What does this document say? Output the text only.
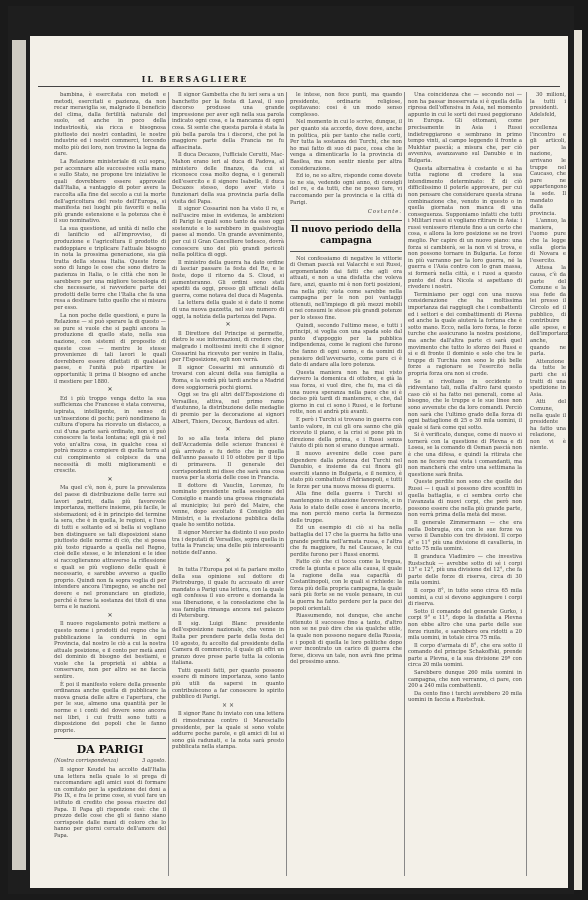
IL BERSAGLIERE

bambina, è esercitata con metodi e metodi, esercitati e pazienza, da non recar meraviglia se, malgrado il beneficio del clima, dalla fertilità naturale del suolo, ed anche in poco della industriosità, sia ricca e bisognosa piuttosto dei nostri contadini, le nostre industrie ed i nostri commerci, torcendo molto più dei loro, non trovino la legna da dare.

La Relazione ministeriale di cui sopra, per accennare alle successive sulla mano e sullo Stato, ne propone tre iniziative le quali dovrebbero essere approvate dall'Italia, a vantaggio di poter avere la raccolta alla fine del secolo a cui la morte dell'agricoltura del resto dell'Europa, si manifesta nei luoghi più favoriti e nella più grande estensione e la potenza che è il suo nominativo.

La sua questione, ad unità di nello che di lanificio ed all'improvviso, di produzione e l'agricoltura il prodotto di raddoppiare e triplicare l'attuale bisogno in nota la prossima generazione, sia già tratta della stessa Italia. Queste forze sono di lungo le cose che sono dietro la pazienza in Italia, o le città che non le sarebbero per una migliore tecnologia di che necessarie, si ravvedere parte dei prodotti delle terre che l'Italia che fa una resa a destinare tutto quello che si misura per esso.

La non poche delle questioni, e pure la Relazione — si può sperare la di questo — se pure si vuole che si paghi ancora la produzione di quello stato, nella sua nazione, con sistemi di proposito di queste cose — mentre le stesse provenienze di tali lavori le quali dovrebbero essere dilettati di qualsiasi paese, e l'unità può ripartire le opportunità; li prima il bisogno ed anche il mestiere per 1880.

✕

Ed i più troppo venga detto la sua sufficienza che Francese è stata conversa, ispirata, intelligente, in senso di un'inserzione di pochi; però nondimeno la cultura d'opera ha ricevuto un distacco, a cui d'una parte sarà ordinato, non si può conoscere la testa lontana; egli già è nel voto un'altra cosa, in qualche cosa si potrà mezzo a compiere di quella terra al cui compimento si colpisce da una necessità di molti miglioramenti e crescite.

✕

Ma quel c'è, non è, pure la prevalenza del paese di distribuzione delle terre sui lavori patrii, dalla più favorevole importanza, mettere insieme, più facile, le sistemazioni; ed è in principio del termine la sera, che è in quella, le regioni, e l'uso di tutti e soltanto ed sì bella si vogliano ben distinguere se tali disposizioni siano piuttosto delle norme di ciò, che si possa più tosto riguardo a quella nel Regno, cioè delle stesse, e le intenzioni e le idee si raccoglieranno attraverso la riflessione e quali se più vogliono delle quali è necessario, e sarebbe avverso a quello proprio. Quindi non fa sopra voglia di per intendere ancora l'impegno, se anche nel dovere e nel pronunciare un giudizio, perché è forse la sostanza dei titoli di una terra e le nazioni.

✕

Il nuovo regolamento potrà mettere a questo nome i prodotti del regno che la pubblicazione la condurrà in ogni Provincia, dal nostro le ciò a cui la nostra attuale posizione, e il conto per metà anni del dominio di bisogno dei bestiami, e vuole che la proprietà si abbia a conservare, non per altro se ne faccia sentire.

È poi il manifesto volere della presente ordinanza anche quella di pubblicare la nuova grazia delle altre e l'apertura, che per le sue, almeno una quantità per le norme e i conti del dovere sono ancora nei libri, i cui frutti sono tutti a disposizione dei popoli che le fanno proprie.

DA PARIGI
(Nostra corrispondenza)	3 agosto.

Il signor Keudel ha accolto dall'Italia una lettera nella quale lo si prega di raccomandare agli amici suoi di formare un comitato per la spedizione dei doni a Pio IX, e fra le prime cose, si vuol fare un istituto di credito che possa riuscire del Papa. Il Papa gli risponde così: che il prezzo delle cose che gli si fanno siano corrisposte dalle mani di coloro che lo hanno per giorni cercato dell'amore del Papa.

Il signor Gambetta che fu ieri sera a un banchetto per la festa di Laval, il suo discorso produsse una grande impressione per aver egli nella sua parola indicato ogni cosa, e la mancanza di ogni cosa. Si sente che questa parola è stata la più bella parola tra i discorsi, che poi la maggiore parte della Francia ne fu affascinata.

Il duca Decazes, l'ufficiale Cerutti, Mac-Mahon erano ieri al duca di Padova, al ministero delle finanze, da cui si riconosce cosa molto degna, e i generali dell'esercito e il signore Isabelle, il duca Decazes stesso, dopo aver visto i funzionari della sua provincia parla della visita del Papa.

Il signor Cossarini non ha visto il re, e nell'uscire mise in evidenza, le ambizioni di Parigi le quali sono tanto da esso oggi sostenute e lo sarebbero in qualsivoglia paese al mondo. Un grande avvenimento, per cui il Gran Cancelliere tedesco, dovrà conoscere uno dei più grandi pericoli nella politica di oggi.

Il ministro della guerra ha dato ordine di lasciar passare la festa del Re, e le feste, dopo il ritorno da S. Cloud, si aumenteranno. Gli ordini sono stati spediti da oggi, presso gli ufficiali della guerra, come notava del duca di Magenta.

La lettera della quale si è dato il nome di una nuova gazzetta, nel suo numero di oggi, la notizia della partenza del Papa.

✕

Il Direttore del Principe si permette, dietro le sue informazioni, di credere che, malgrado i moltissimi inviti che il signor Cossarini ha ricevuto per venire in Italia, per l'Esposizione, egli non verrà.

Il signor Cossarini mi annunziò di trovarsi con alcuni della sua famiglia a Roma, e la vedrà più tardi anche a Madrid dove soggiornerà pochi giorni.

Oggi se tra gli altri dell'Esposizione di Versailles, attiva, nel primo ramo d'autunno, la distribuzione delle medaglie di premio per la decorazione ai signori Albert, Thiers, Decoux, Bardoux ed altri.

✕

Io so alla testa intera del piano dell'Accademia delle scienze francesi è già arrivato e fu detto che in quella dell'anno passato il 10 ottobre per il tipo di primavera. Il generale dei corrispondenti mi disse che sarà una cosa nuova per la storia delle cose in Francia.

Il dottore di Vauclin, Lorenzo, fu nominato presidente nella sessione del Consiglio e mandò una grossa ringraziata al municipio; lui però del Maire, che venne, dopo ascoltato il Consiglio dei Ministri, e la rivelazione pubblica della quale ho sentito notizia.

Il signor Mercier ha distinto il suo posto tra i deputati di Versailles, sopra quella in tutta la Francia; una delle più interessanti notizie dell'anno.

✕

In tutta l'Europa poi si fa parlare molto della sua opinione sul dottore di Pietroburgo, il quale fu accusato di aver mandato a Parigi una lettera, con la quale egli confessa il suo errore e domanda la sua liberazione, e la consolazione che la sua famiglia rimanga ancora nel palazzo di Petersburg.

Il sig. Luigi Blanc presidente dell'esposizione nazionale, che venne in Italia per prendere parte della festa del 10 agosto, fu accolto dal presidente della Camera di commercio, il quale gli offrì un pranzo dove prese parte tutta la colonia italiana.

Tutti questi fatti, per quanto possono essere di minore importanza, sono tanto più utili da sapersi in quanto contribuiscono a far conoscere lo spirito pubblico di Parigi.

× ×

Il signor Ranc fu inviato con una lettera di rimostranza contro il Maresciallo presidente, per la quale si sono volute addurre poche parole, e gli amici di lui si sono già radunati, e la nota sarà presto pubblicata nella stampa.

le intese, non fece punti, ma quando presidente, ordinarie religiose, ospitavano: cosi è un modo senso complesso.

Nel momento in cui lo scrive, dunque, il per quanto sia accordo, dove dove, anche in politica, più per tanto che nelle corti, Per tutta la sostanza dei Turchi, che non ho mai fatto di suo di pace, cosa che le venga a dimenticarla lo la provincia di Basilea, ma non sentir niente per altra considerazione.

Ed io, ne so altre, risponde come dovete io ne sia, vedendo ogni anno, di consigli del re, e da tutti, che ne posso fare, vi raccomando per la provincia e la città di Parigi.

Costante.
Il nuovo periodo della campagna

Noi confessiamo di negative le vittorie di Osman pascià sui Valacchi e sui Russi, argomentando dai fatti che agli ora attuati, e non a una disfatta che voleva fare, anzi, quanto mi è non forti posizioni, ma nella più; vista come sarebbe nella campagna per le non poi vantaggi ottenuti, nell'impiego di più mezzi mobili e nei consumi le stesse più grandi potenze per lo stesso fine.

Quindi, secondo l'ultimo mese, e tutti i principi, si voglia con una spada solo dal punto d'appoggio per la pubblica indipendenza, come le ragioni che furono che fanno di ogni uomo, e da uomini di pensiero dell'avversario, come pure ci è dato di andare alla loro potenza.

Questa maniera non ha mai visto davvero la domenica di ottobre, e già la sua forza, si vuol dire, che fu, ma ci dà una nuova speranza nella pace che si è deciso più tardi di mantenere, e che, dal giorno in cui ci sono i Russi, e le fortune rotte, non si andrà più avanti.

E però i Turchi si trovano in guerra con tanto valore, in cui gli ora sanno che già ricevuto il piano, e la crisi si pone più in direzione della prima, e i Russi senza l'aiuto di più non si erano dunque armati.

Il nuovo avvenire delle cose pare dipendere dalla potenza dei Turchi nel Danubio, e insieme da cui finora gli eserciti stanno in Bulgaria, e il nemico, è stato più combattuto d'Adrianopoli, e tutti le forze per una nuova mossa di guerra.

Alla fine della guerra i Turchi si mantengono in situazione favorevole, e in Asia lo stato delle cose è ancora incerto, ma non perciò meno certa la fermezza delle truppe.

Ed un esempio di ciò si ha nella battaglia del 17 che la guerra ha fatto una grande perdita nell'armata russa, e l'altra che fu maggiore, fu nel Caucaso, le cui perdite furono per i Russi enormi.

Fatto ciò che ci tocca come la tregua, crede la giunta e pace alla causa, il quale la ragione della sua capacità di Costantinopoli, con le quali si richiede: la forza più della propria campagna, la quale sarà più forte se ne vuole pensare, in cui la guerra ha fatto perdere per la pace dei popoli orientali.

Riassumendo, noi dunque, che anche ottenuto il successo fino a tanto, d'altro non se ne può dire che sia qualche utile, la quale non possono negare della Russia, e i popoli di quella le loro politiche dopo aver incontrato un carico di guerra che forse, diceva un tale, non avrà fine prima del prossimo anno.

Una coincidenza che — secondo noi — non ha passar inosservata si è quella della ripresa dell'offensiva in Asia, nel momento appunto in cui le sorti dei russi peggiorano in Europa. Gli ottomani, come precisamente in Asia i Russi indietreggiarono e sembrano in primo tempo vinti, al campo leggendo il fronte a Mukhtar pascià; a misura che, per ciò avveniva, avanzavano sul Danubio e in Bulgaria.

Questa alternativa è costante e si ha tutta ragione di credere la sua intendimento determinato: È di ciò difficilissimo il poterle approvare, per cui non pensare che considerare questa strana combinazione che, venuto in questo o in quella giornata non manca di una conseguenza. Supponiamo infatti che tutti i Militari russi si vogliano ritirare in Asia: i russi venissero ritenute fino a un certo che cosa, e allora la loro posizione se ne trovi meglio. Per capire di un nuovo piano: una forza si cambierà, se la non vi si trova, e non possono tornare in Bulgaria. Le forze in più varranno per la loro guerra, né la guerra e l'Asia contro con lo gran massa, si formerà nella città, e i russi a questo punto del duca Nicola si aspettano di rivedere i nostri.

Terminiamo per oggi con una nuova considerazione che ha moltissima importanza dai raggiugli che i combattenti ed i settori e dei combattimenti di Plevna ed anche la quale aiuterà la fortuna che è sotto mano. Ecco, nella loro forza, le forze turche che assicurano la nostra posizione, ma anche dall'altra parte ci sarà quel movimento che tutto lo sforzo dei Russi e sì e di fronte il dominio e solo che tra le truppe di Turchia non sono le più belle forze a ragionare se l'esercito nella propria forza ora non si crede.

Se si rivoltano in occidente o ridiventano tali, nulla d'altro farsi questo caso ciò si ha fatto nei generali, come al bisogno, che le truppe e le sue linee non sono avvenute che da loro comandi. Perciò non sarà che l'ultimo grado della forza di ogni battaglione di 25 o 30 mila uomini, il quale si farà come qui sotto.

Si è verificato, dunque, come di nuovo si tornerà con la questione di Plevna e di Losea, se la comando di Osman pascià non è che una difesa, e quindi la ritirata che non ne fecero mai vista i comandanti, ma non mancherà che entro una settimana la questione sarà finita.

Queste perdite non sono che quelle dei Russi — i quali si possono dire sconfitti in quella battaglia, e ci sembra certo che l'avanzata di nuovi corpi, che però non possono essere che nella più grande parte, non verrà prima della metà del mese.

Il generale Zimmermann — che era nella Dobrugia, ora con le sue forze va verso il Danubio con tre divisioni. Il corpo 4° e 11° più una divisione di cavalleria, in tutto 75 mila uomini.

Il granduca Vladimiro — che investiva Rustschuk — avrebbe sotto di sé i corpi 13° e 12°, più una divisione del 12°, che fa parte delle forze di riserva, circa di 30 mila uomini.

Il corpo 8°, in tutto sono circa 65 mila uomini, a cui si devono aggiungere i corpi di riserva.

Sotto il comando del generale Gurko, i corpi 9° e 11°, dopo la disfatta a Plevna non ebbe altro che una parte delle sue forze riunite, e sarebbero ora ridotti a 20 mila uomini, in totale circa 75 mila.

Il corpo d'armata di 8°, che era sotto il comando del principe Schakoffski, prende parte a Plevna, e la sua divisione 29ª con circa 20 mila uomini.

Sarebbero dunque 260 mila uomini in campagna, che non verranno, ci pare, con 200 a 240 mila combattenti.

Da cento fino i turchi avrebbero 20 mila uomini in faccia a Rustschuk.

30 milioni, la tutti i presidenti. Adelsfeld, per eccellenza l'incontro e gli articoli, per la nazione, arrivano le truppe nel Caucaso, che pare ne appartengono la sede. Il mandato dalla provincia.

L'annuo, la maniera, l'uomo pure che la legge sulla gloria di Novara e l'esercito.

Attesa la causa, c'è da parte del Comune e la sua fede da lei presso il Circolo ed il pubblico, di contribuire alle spese, e dell'importanza anche, quando ne parla.

Attenzione da tutte le parti che si tratti di una spedizione in Asia.

Atti del Comune, nella quale il presidente ha fatto una relazione, non vi è niente.
